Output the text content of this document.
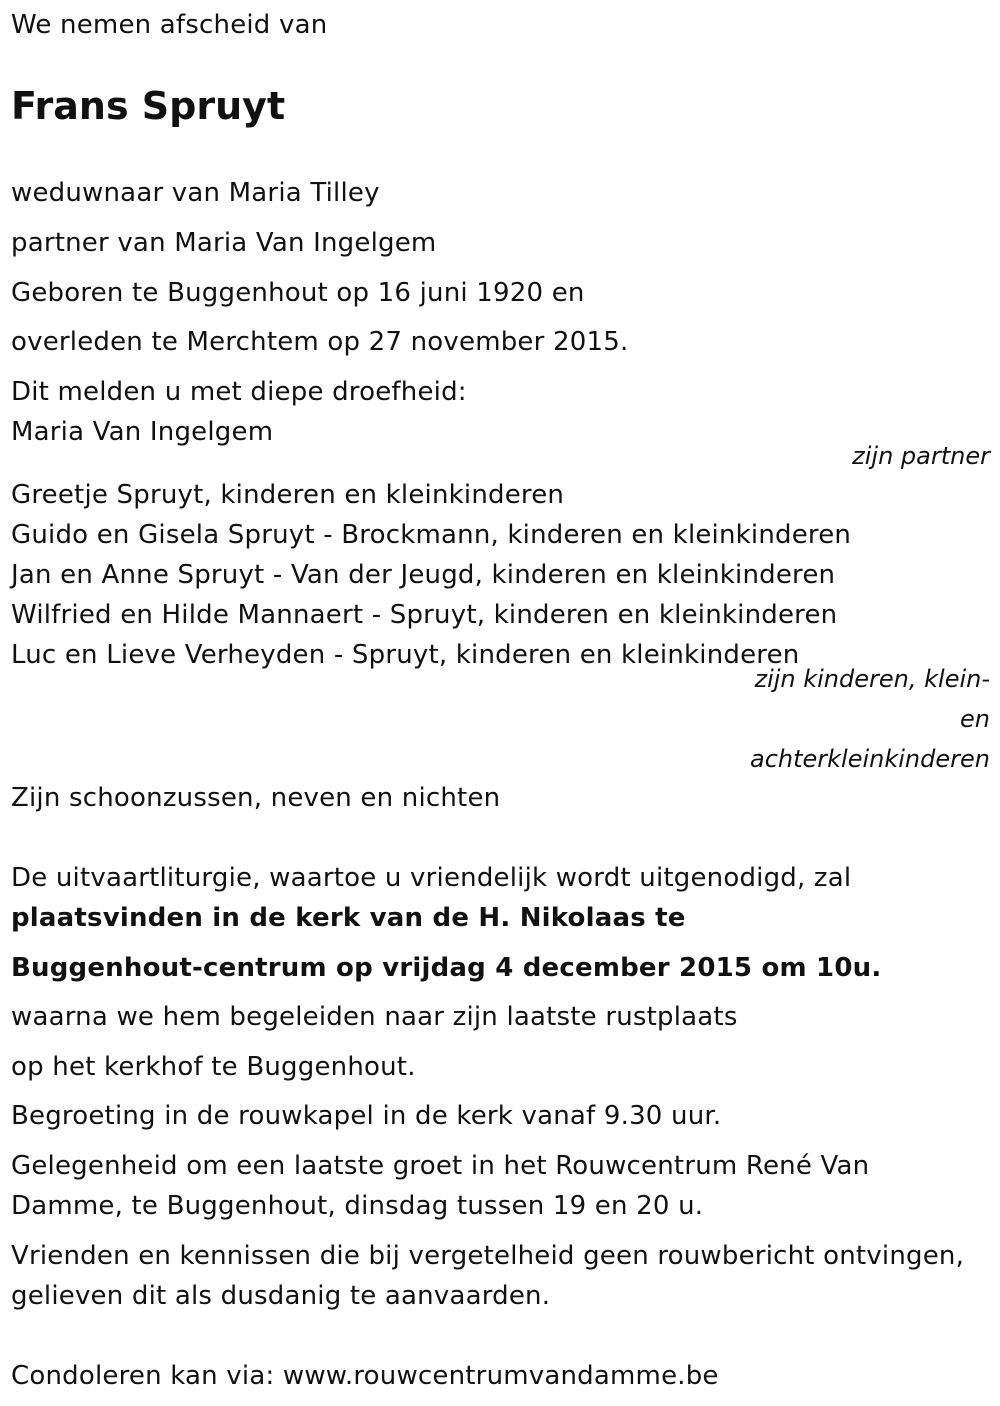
We nemen afscheid van
Frans Spruyt
weduwnaar van Maria Tilley
partner van Maria Van Ingelgem
Geboren te Buggenhout op 16 juni 1920 en
overleden te Merchtem op 27 november 2015.
Dit melden u met diepe droefheid:
Maria Van Ingelgem
zijn partner
Greetje Spruyt, kinderen en kleinkinderen
Guido en Gisela Spruyt - Brockmann, kinderen en kleinkinderen
Jan en Anne Spruyt - Van der Jeugd, kinderen en kleinkinderen
Wilfried en Hilde Mannaert - Spruyt, kinderen en kleinkinderen
Luc en Lieve Verheyden - Spruyt, kinderen en kleinkinderen
zijn kinderen, klein-
en
achterkleinkinderen
Zijn schoonzussen, neven en nichten
De uitvaartliturgie, waartoe u vriendelijk wordt uitgenodigd, zal
plaatsvinden in de kerk van de H. Nikolaas te
Buggenhout-centrum op vrijdag 4 december 2015 om 10u.
waarna we hem begeleiden naar zijn laatste rustplaats
op het kerkhof te Buggenhout.
Begroeting in de rouwkapel in de kerk vanaf 9.30 uur.
Gelegenheid om een laatste groet in het Rouwcentrum René Van
Damme, te Buggenhout, dinsdag tussen 19 en 20 u.
Vrienden en kennissen die bij vergetelheid geen rouwbericht ontvingen,
gelieven dit als dusdanig te aanvaarden.
Condoleren kan via: www.rouwcentrumvandamme.be
